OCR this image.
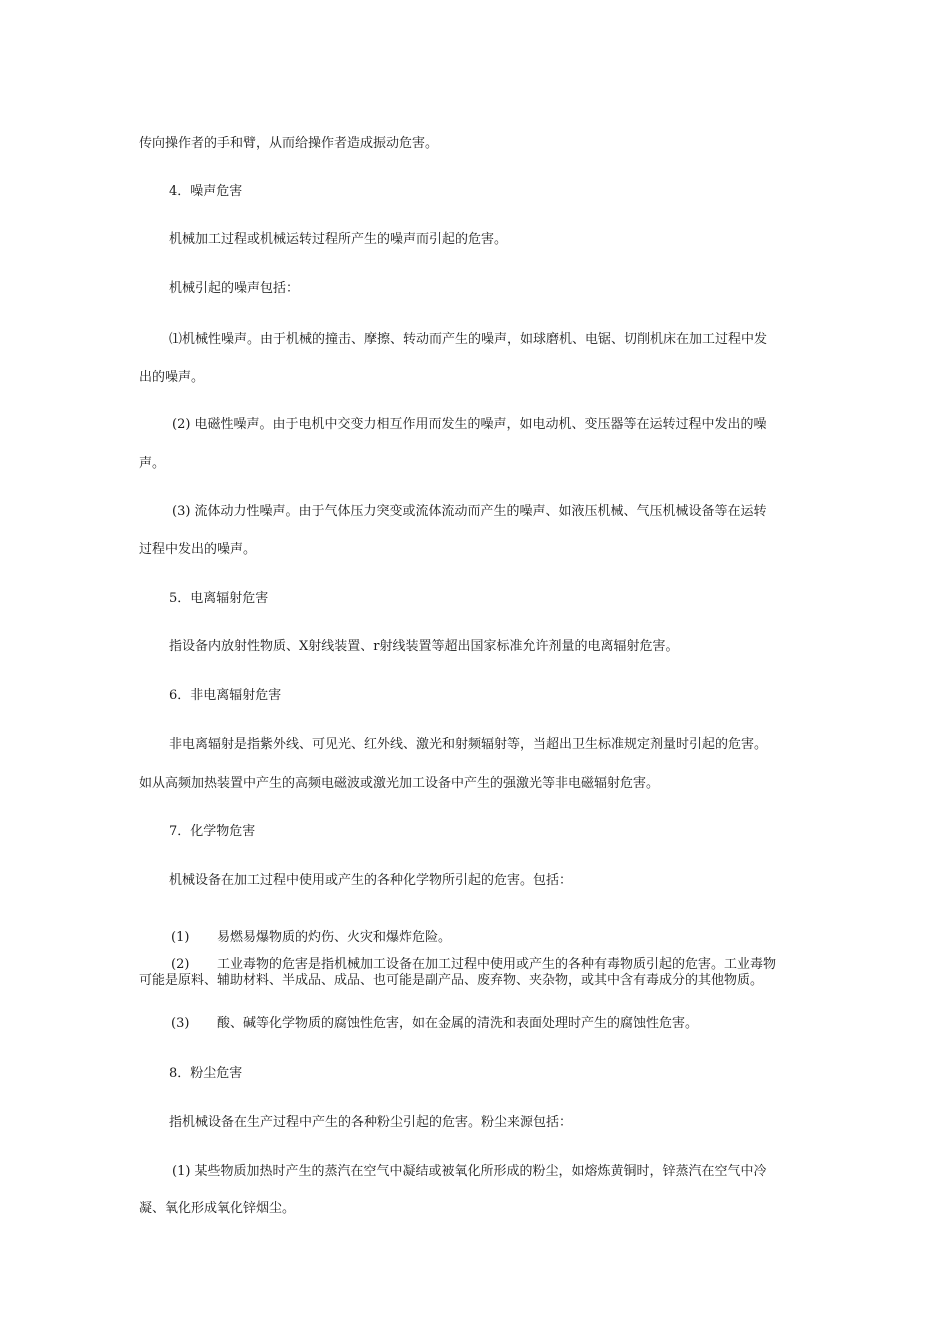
传向操作者的手和臂，从而给操作者造成振动危害。
4．噪声危害
机械加工过程或机械运转过程所产生的噪声而引起的危害。
机械引起的噪声包括：
⑴机械性噪声。由于机械的撞击、摩擦、转动而产生的噪声，如球磨机、电锯、切削机床在加工过程中发
出的噪声。
(2) 电磁性噪声。由于电机中交变力相互作用而发生的噪声，如电动机、变压器等在运转过程中发出的噪
声。
(3) 流体动力性噪声。由于气体压力突变或流体流动而产生的噪声、如液压机械、气压机械设备等在运转
过程中发出的噪声。
5．电离辐射危害
指设备内放射性物质、X射线装置、r射线装置等超出国家标准允许剂量的电离辐射危害。
6．非电离辐射危害
非电离辐射是指紫外线、可见光、红外线、激光和射频辐射等，当超出卫生标准规定剂量时引起的危害。
如从高频加热装置中产生的高频电磁波或激光加工设备中产生的强激光等非电磁辐射危害。
7．化学物危害
机械设备在加工过程中使用或产生的各种化学物所引起的危害。包括：
(1) 易燃易爆物质的灼伤、火灾和爆炸危险。
(2) 工业毒物的危害是指机械加工设备在加工过程中使用或产生的各种有毒物质引起的危害。工业毒物
可能是原料、辅助材料、半成品、成品、也可能是副产品、废弃物、夹杂物，或其中含有毒成分的其他物质。
(3) 酸、碱等化学物质的腐蚀性危害，如在金属的清洗和表面处理时产生的腐蚀性危害。
8．粉尘危害
指机械设备在生产过程中产生的各种粉尘引起的危害。粉尘来源包括：
(1) 某些物质加热时产生的蒸汽在空气中凝结或被氧化所形成的粉尘，如熔炼黄铜时，锌蒸汽在空气中冷
凝、氧化形成氧化锌烟尘。
